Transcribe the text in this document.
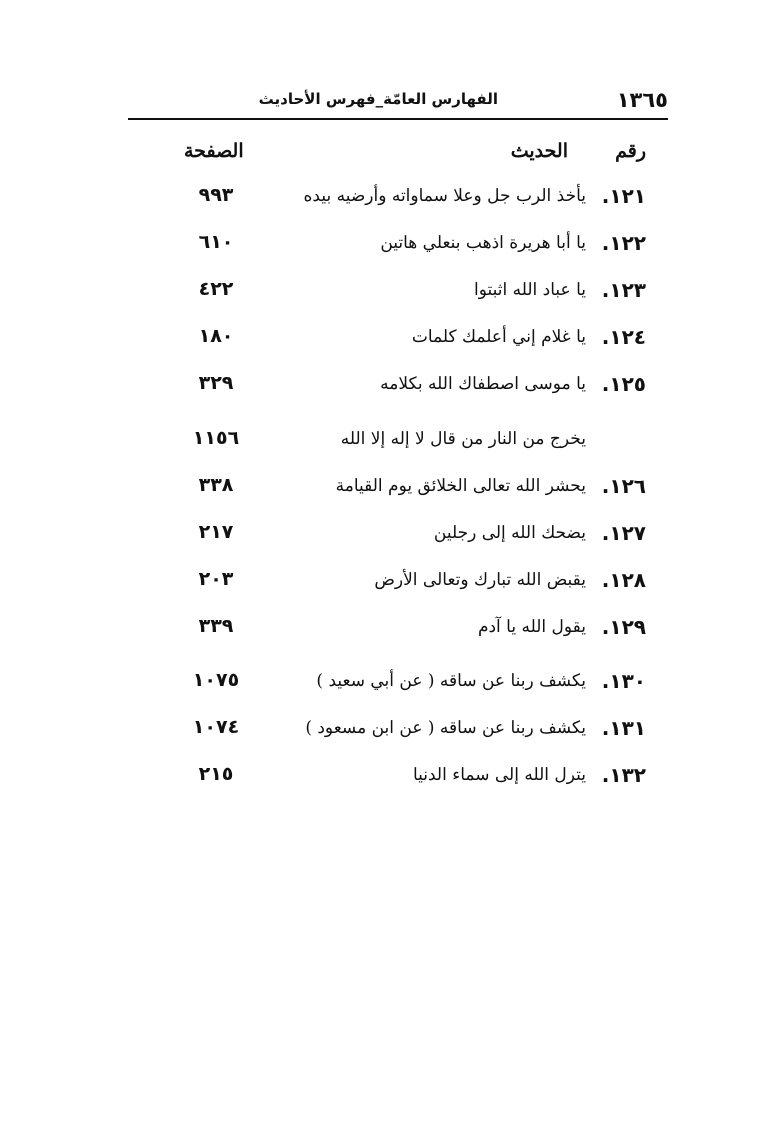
١٣٦٥
الفهارس العامّة_فهرس الأحاديث
رقم
الحديث
الصفحة
١٢١.
يأخذ الرب جل وعلا سماواته وأرضيه بيده
٩٩٣
١٢٢.
يا أبا هريرة اذهب بنعلي هاتين
٦١٠
١٢٣.
يا عباد الله اثبتوا
٤٢٢
١٢٤.
يا غلام إني أعلمك كلمات
١٨٠
١٢٥.
يا موسى اصطفاك الله بكلامه
٣٢٩
يخرج من النار من قال لا إله إلا الله
١١٥٦
١٢٦.
يحشر الله تعالى الخلائق يوم القيامة
٣٣٨
١٢٧.
يضحك الله إلى رجلين
٢١٧
١٢٨.
يقبض الله تبارك وتعالى الأرض
٢٠٣
١٢٩.
يقول الله يا آدم
٣٣٩
١٣٠.
يكشف ربنا عن ساقه ( عن أبي سعيد )
١٠٧٥
١٣١.
يكشف ربنا عن ساقه ( عن ابن مسعود )
١٠٧٤
١٣٢.
يترل الله إلى سماء الدنيا
٢١٥
